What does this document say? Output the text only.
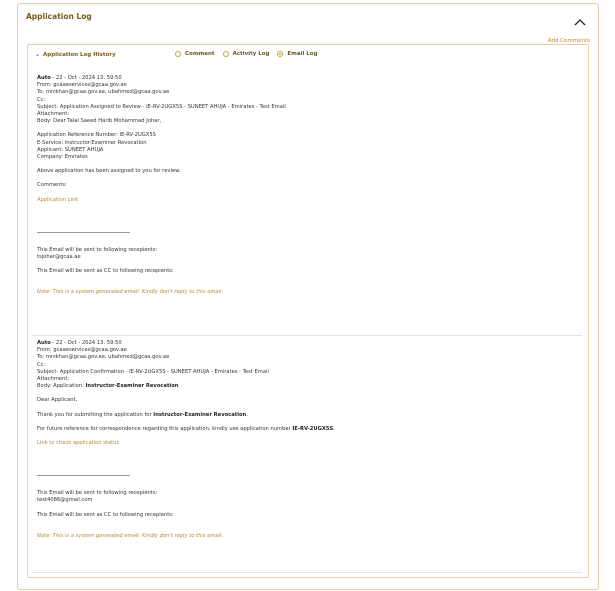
Application Log
Add Comments
⌄ Application Log History	Comment	Activity Log	Email Log

Auto - 22 - Oct - 2024 13: 59:50

From: gcaaeservices@gcaa.gov.ae

To: mnikhan@gcaa.gov.ae, ubahmed@gcaa.gov.ae

Cc:

Subject: Application Assigned to Review - IE-RV-2UGX5S - SUNEET AHUJA - Emirates - Test Email

Attachment:

Body: Dear Talal Saeed Harib Mohammad Johar,

Application Reference Number: IE-RV-2UGX5S

E-Service: Instructor-Examiner Revocation

Applicant: SUNEET AHUJA

Company: Emirates

Above application has been assigned to you for review.

Comments:

Application Link

This Email will be sent to following recepients:

tsjohar@gcaa.ae

This Email will be sent as CC to following recepients:

Note: This is a system generated email. Kindly don't reply to this email.

Auto - 22 - Oct - 2024 13: 59:50

From: gcaaeservices@gcaa.gov.ae

To: mnikhan@gcaa.gov.ae, ubahmed@gcaa.gov.ae

Cc:

Subject: Application Confirmation - IE-RV-2UGX5S - SUNEET AHUJA - Emirates - Test Email

Attachment:

Body: Application: Instructor-Examiner Revocation

Dear Applicant,

Thank you for submitting the application for Instructor-Examiner Revocation.

For future reference for correspondence regarding this application, kindly use application number IE-RV-2UGX5S.

Link to check application status

This Email will be sent to following recepients:

test4086@gmail.com

This Email will be sent as CC to following recepients:

Note: This is a system generated email. Kindly don't reply to this email.
